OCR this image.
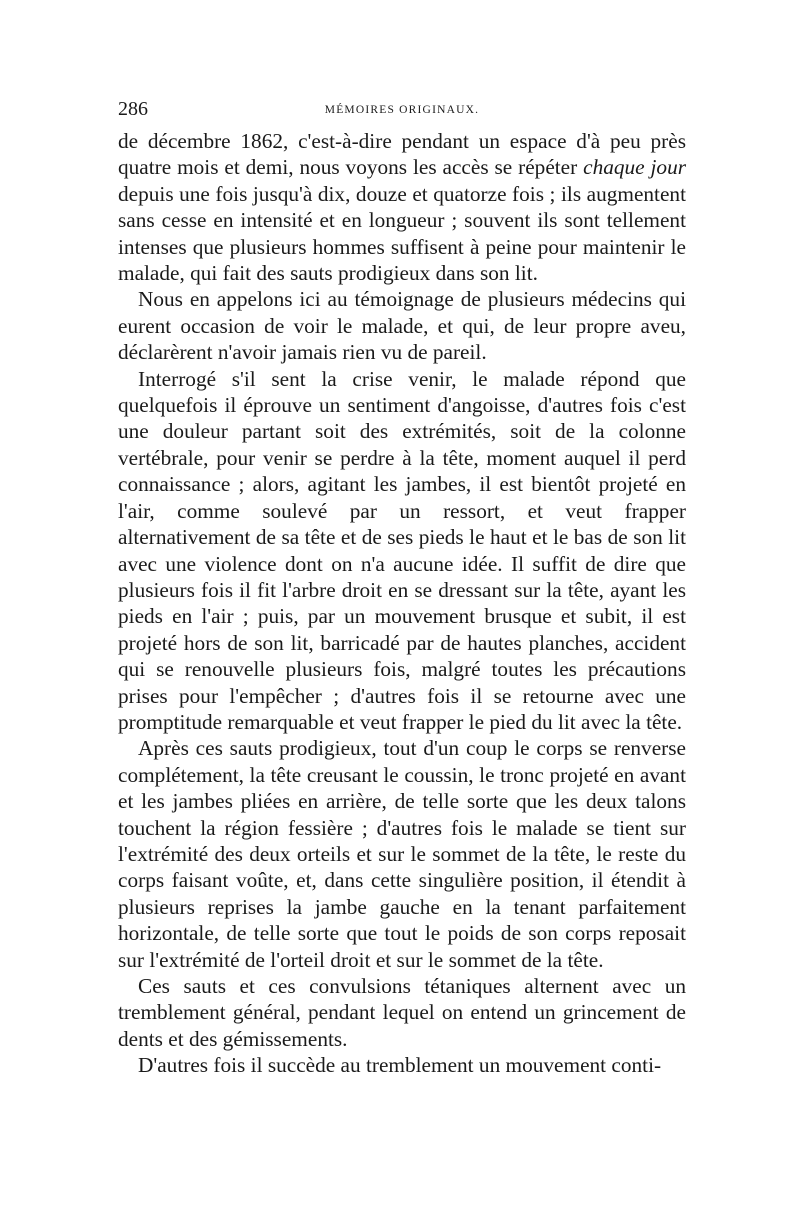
286	MÉMOIRES ORIGINAUX.

de décembre 1862, c'est-à-dire pendant un espace d'à peu près quatre mois et demi, nous voyons les accès se répéter chaque jour depuis une fois jusqu'à dix, douze et quatorze fois ; ils augmentent sans cesse en intensité et en longueur ; souvent ils sont tellement intenses que plusieurs hommes suffisent à peine pour maintenir le malade, qui fait des sauts prodigieux dans son lit.

Nous en appelons ici au témoignage de plusieurs médecins qui eurent occasion de voir le malade, et qui, de leur propre aveu, déclarèrent n'avoir jamais rien vu de pareil.

Interrogé s'il sent la crise venir, le malade répond que quelquefois il éprouve un sentiment d'angoisse, d'autres fois c'est une douleur partant soit des extrémités, soit de la colonne vertébrale, pour venir se perdre à la tête, moment auquel il perd connaissance ; alors, agitant les jambes, il est bientôt projeté en l'air, comme soulevé par un ressort, et veut frapper alternativement de sa tête et de ses pieds le haut et le bas de son lit avec une violence dont on n'a aucune idée. Il suffit de dire que plusieurs fois il fit l'arbre droit en se dressant sur la tête, ayant les pieds en l'air ; puis, par un mouvement brusque et subit, il est projeté hors de son lit, barricadé par de hautes planches, accident qui se renouvelle plusieurs fois, malgré toutes les précautions prises pour l'empêcher ; d'autres fois il se retourne avec une promptitude remarquable et veut frapper le pied du lit avec la tête.

Après ces sauts prodigieux, tout d'un coup le corps se renverse complétement, la tête creusant le coussin, le tronc projeté en avant et les jambes pliées en arrière, de telle sorte que les deux talons touchent la région fessière ; d'autres fois le malade se tient sur l'extrémité des deux orteils et sur le sommet de la tête, le reste du corps faisant voûte, et, dans cette singulière position, il étendit à plusieurs reprises la jambe gauche en la tenant parfaitement horizontale, de telle sorte que tout le poids de son corps reposait sur l'extrémité de l'orteil droit et sur le sommet de la tête.

Ces sauts et ces convulsions tétaniques alternent avec un tremblement général, pendant lequel on entend un grincement de dents et des gémissements.

D'autres fois il succède au tremblement un mouvement conti-
